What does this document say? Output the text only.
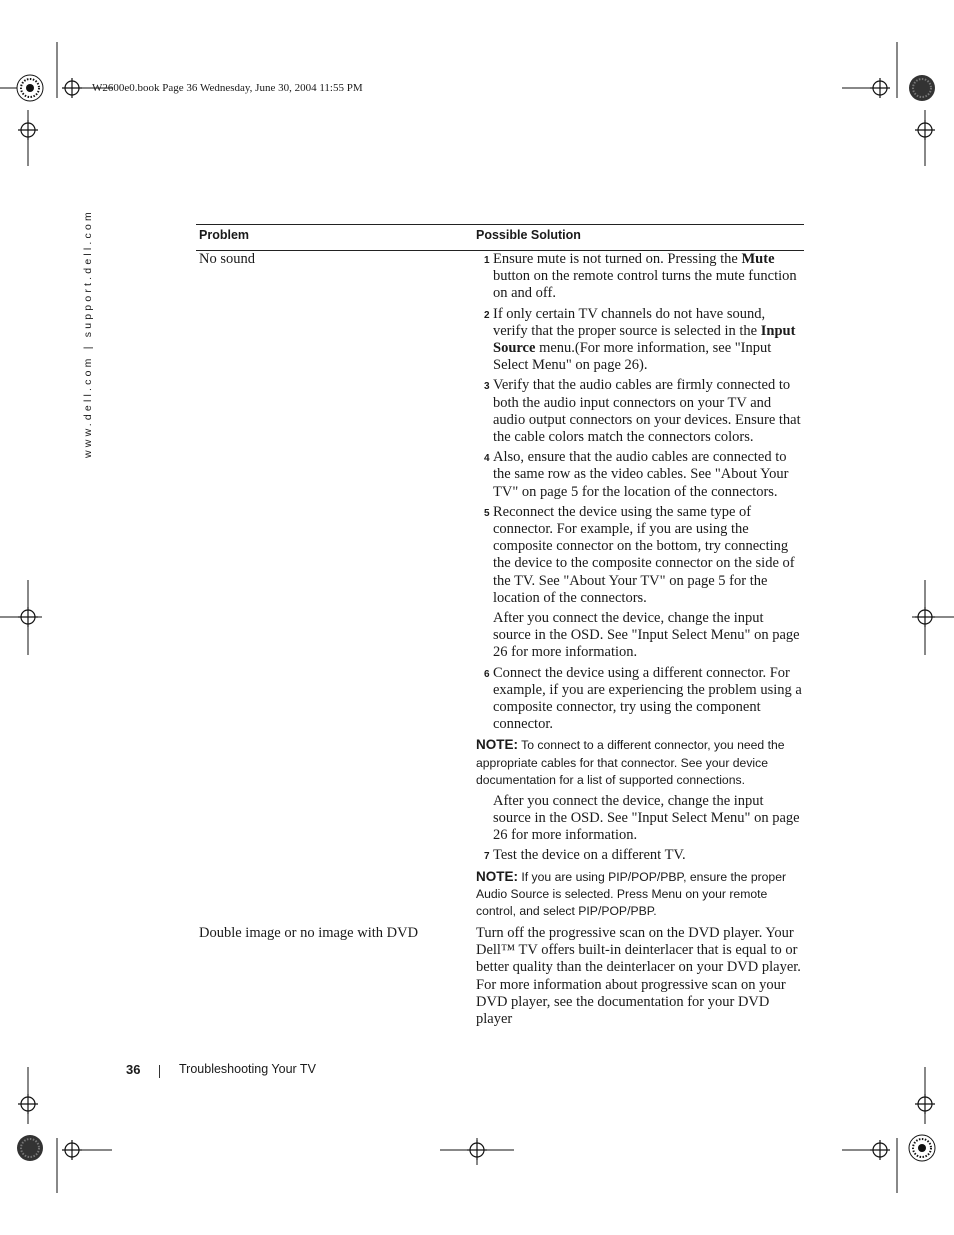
W2600e0.book Page 36 Wednesday, June 30, 2004 11:55 PM
www.dell.com | support.dell.com	Problem	Possible Solution
No sound	1 Ensure mute is not turned on. Pressing the Mute button on the remote control turns the mute function on and off.
2 If only certain TV channels do not have sound, verify that the proper source is selected in the Input Source menu.(For more information, see "Input Select Menu" on page 26).
3 Verify that the audio cables are firmly connected to both the audio input connectors on your TV and audio output connectors on your devices. Ensure that the cable colors match the connectors colors.
4 Also, ensure that the audio cables are connected to the same row as the video cables. See "About Your TV" on page 5 for the location of the connectors.
5 Reconnect the device using the same type of connector. For example, if you are using the composite connector on the bottom, try connecting the device to the composite connector on the side of the TV. See "About Your TV" on page 5 for the location of the connectors.
After you connect the device, change the input source in the OSD. See "Input Select Menu" on page 26 for more information.
6 Connect the device using a different connector. For example, if you are experiencing the problem using a composite connector, try using the component connector.
NOTE: To connect to a different connector, you need the appropriate cables for that connector. See your device documentation for a list of supported connections.
After you connect the device, change the input source in the OSD. See "Input Select Menu" on page 26 for more information.
7 Test the device on a different TV.
NOTE: If you are using PIP/POP/PBP, ensure the proper Audio Source is selected. Press Menu on your remote control, and select PIP/POP/PBP.
Double image or no image with DVD	Turn off the progressive scan on the DVD player. Your Dell™ TV offers built-in deinterlacer that is equal to or better quality than the deinterlacer on your DVD player. For more information about progressive scan on your DVD player, see the documentation for your DVD player
36	Troubleshooting Your TV
